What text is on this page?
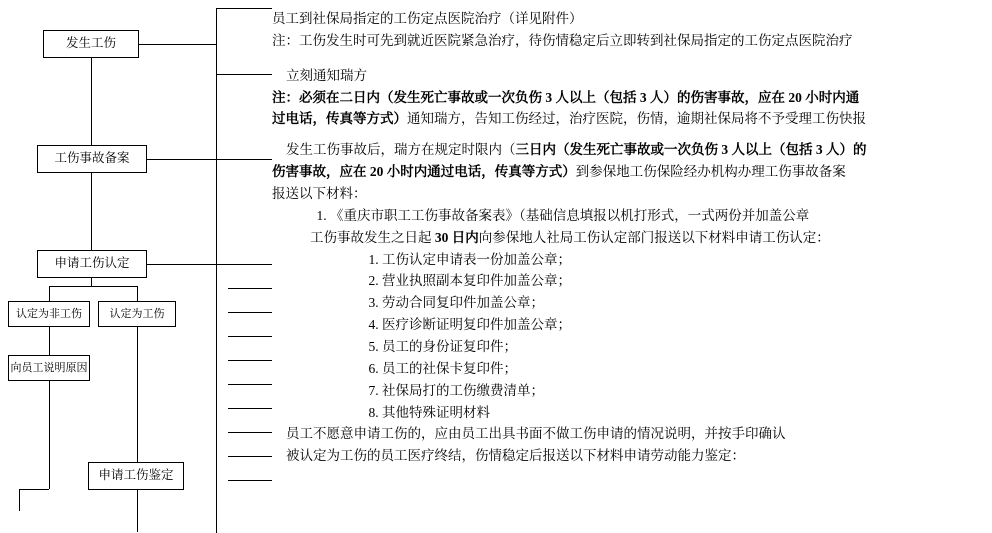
发生工伤
工伤事故备案
申请工伤认定
认定为非工伤	认定为工伤
向员工说明原因
申请工伤鉴定

员工到社保局指定的工伤定点医院治疗（详见附件）

注：工伤发生时可先到就近医院紧急治疗，待伤情稳定后立即转到社保局指定的工伤定点医院治疗

立刻通知瑞方

注：必须在二日内（发生死亡事故或一次负伤 3 人以上（包括 3 人）的伤害事故，应在 20 小时内通

过电话，传真等方式）通知瑞方，告知工伤经过，治疗医院，伤情，逾期社保局将不予受理工伤快报

发生工伤事故后，瑞方在规定时限内（三日内（发生死亡事故或一次负伤 3 人以上（包括 3 人）的

伤害事故，应在 20 小时内通过电话，传真等方式）到参保地工伤保险经办机构办理工伤事故备案

报送以下材料：

1. 《重庆市职工工伤事故备案表》（基础信息填报以机打形式，一式两份并加盖公章

工伤事故发生之日起 30 日内向参保地人社局工伤认定部门报送以下材料申请工伤认定：

1. 工伤认定申请表一份加盖公章；
2. 营业执照副本复印件加盖公章；
3. 劳动合同复印件加盖公章；
4. 医疗诊断证明复印件加盖公章；
5. 员工的身份证复印件；
6. 员工的社保卡复印件；
7. 社保局打的工伤缴费清单；
8. 其他特殊证明材料

员工不愿意申请工伤的，应由员工出具书面不做工伤申请的情况说明，并按手印确认

被认定为工伤的员工医疗终结，伤情稳定后报送以下材料申请劳动能力鉴定：
